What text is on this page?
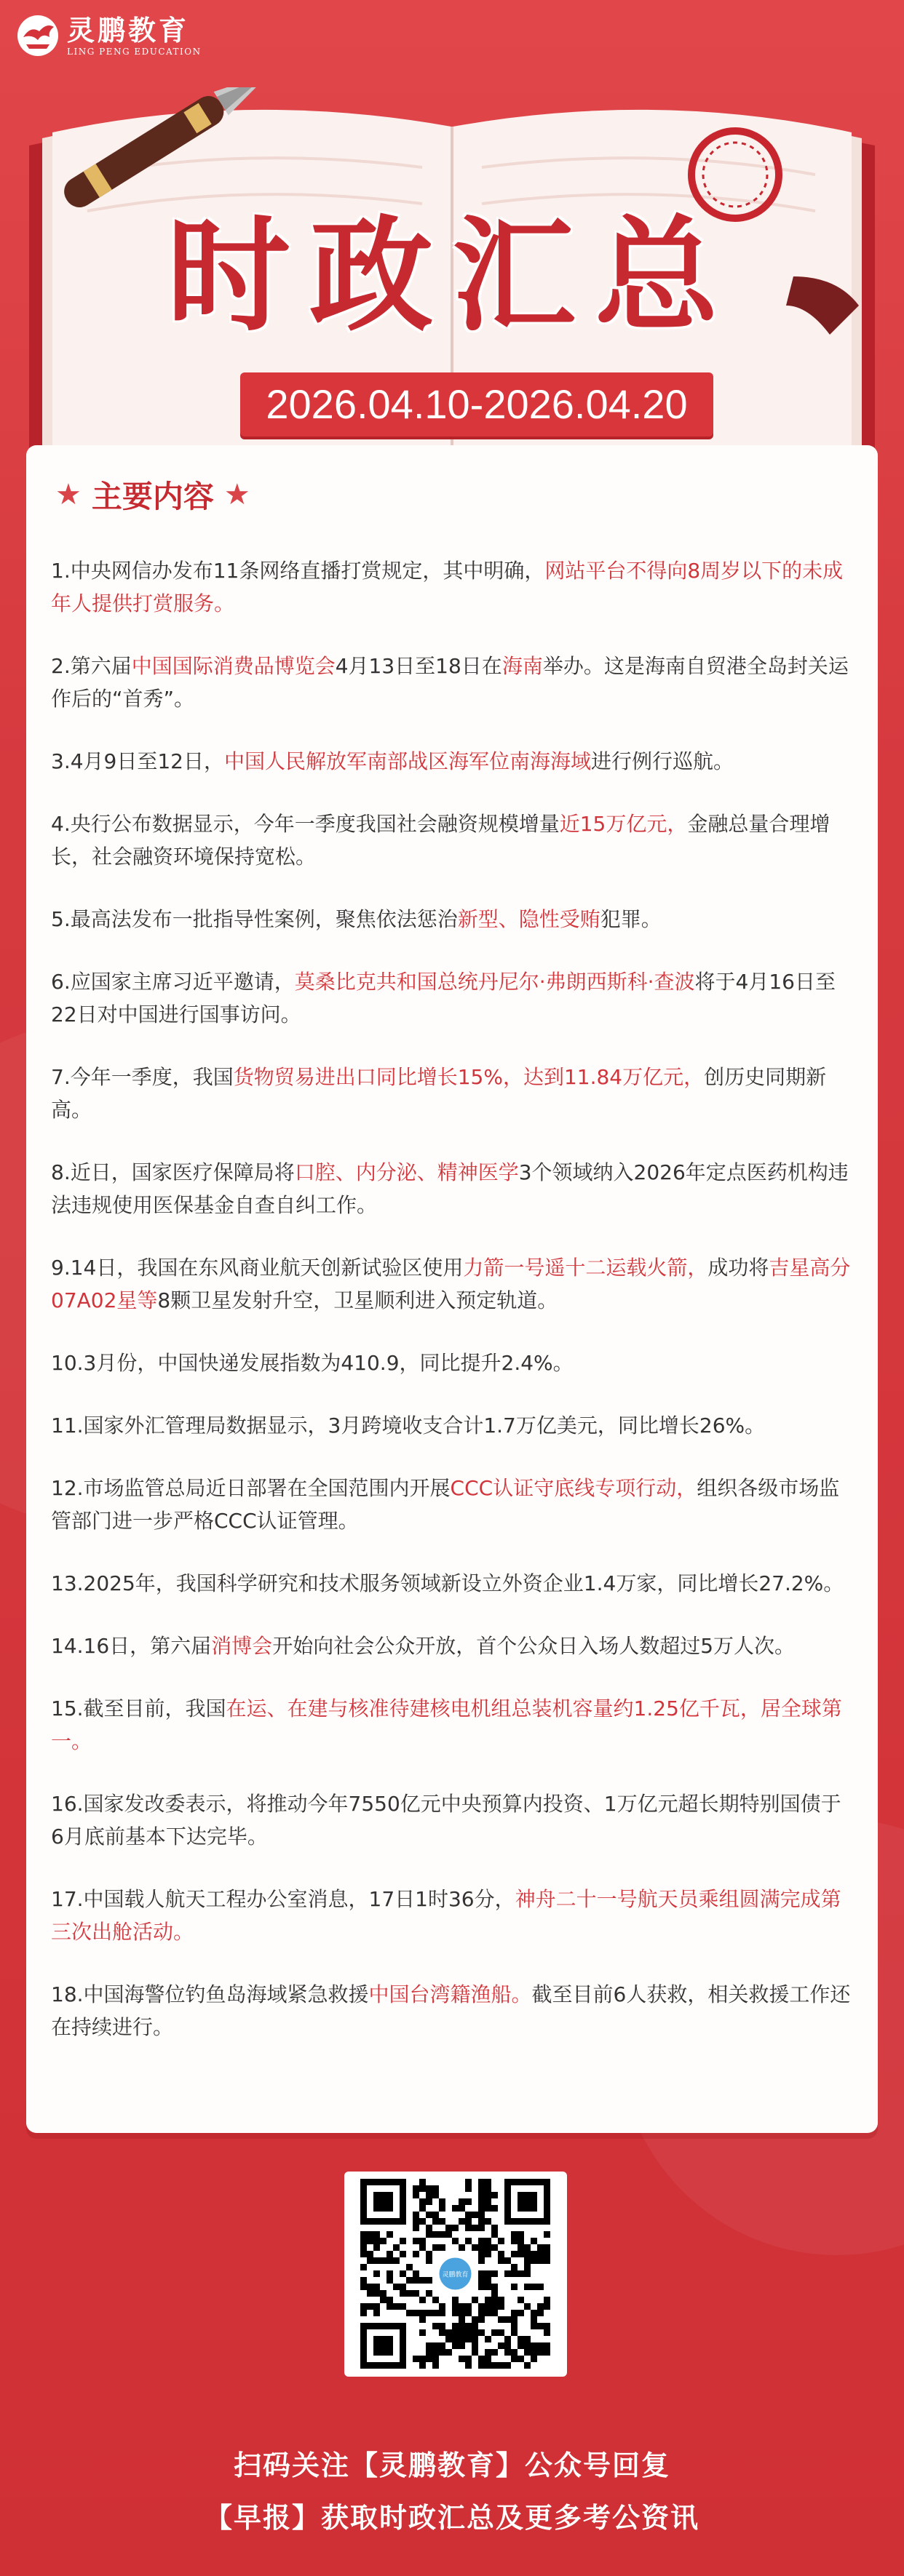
灵鹏教育
LING PENG EDUCATION
时政汇总
2026.04.10-2026.04.20
★ 主要内容 ★
1.中央网信办发布11条网络直播打赏规定，其中明确，网站平台不得向8周岁以下的未成年人提供打赏服务。
2.第六届中国国际消费品博览会4月13日至18日在海南举办。这是海南自贸港全岛封关运作后的“首秀”。
3.4月9日至12日，中国人民解放军南部战区海军位南海海域进行例行巡航。
4.央行公布数据显示，今年一季度我国社会融资规模增量近15万亿元，金融总量合理增长，社会融资环境保持宽松。
5.最高法发布一批指导性案例，聚焦依法惩治新型、隐性受贿犯罪。
6.应国家主席习近平邀请，莫桑比克共和国总统丹尼尔·弗朗西斯科·查波将于4月16日至22日对中国进行国事访问。
7.今年一季度，我国货物贸易进出口同比增长15%，达到11.84万亿元，创历史同期新高。
8.近日，国家医疗保障局将口腔、内分泌、精神医学3个领域纳入2026年定点医药机构违法违规使用医保基金自查自纠工作。
9.14日，我国在东风商业航天创新试验区使用力箭一号遥十二运载火箭，成功将吉星高分07A02星等8颗卫星发射升空，卫星顺利进入预定轨道。
10.3月份，中国快递发展指数为410.9，同比提升2.4%。
11.国家外汇管理局数据显示，3月跨境收支合计1.7万亿美元，同比增长26%。
12.市场监管总局近日部署在全国范围内开展CCC认证守底线专项行动，组织各级市场监管部门进一步严格CCC认证管理。
13.2025年，我国科学研究和技术服务领域新设立外资企业1.4万家，同比增长27.2%。
14.16日，第六届消博会开始向社会公众开放，首个公众日入场人数超过5万人次。
15.截至目前，我国在运、在建与核准待建核电机组总装机容量约1.25亿千瓦，居全球第一。
16.国家发改委表示，将推动今年7550亿元中央预算内投资、1万亿元超长期特别国债于6月底前基本下达完毕。
17.中国载人航天工程办公室消息，17日1时36分，神舟二十一号航天员乘组圆满完成第三次出舱活动。
18.中国海警位钓鱼岛海域紧急救援中国台湾籍渔船。截至目前6人获救，相关救援工作还在持续进行。
灵鹏教育
扫码关注【灵鹏教育】公众号回复
【早报】获取时政汇总及更多考公资讯
